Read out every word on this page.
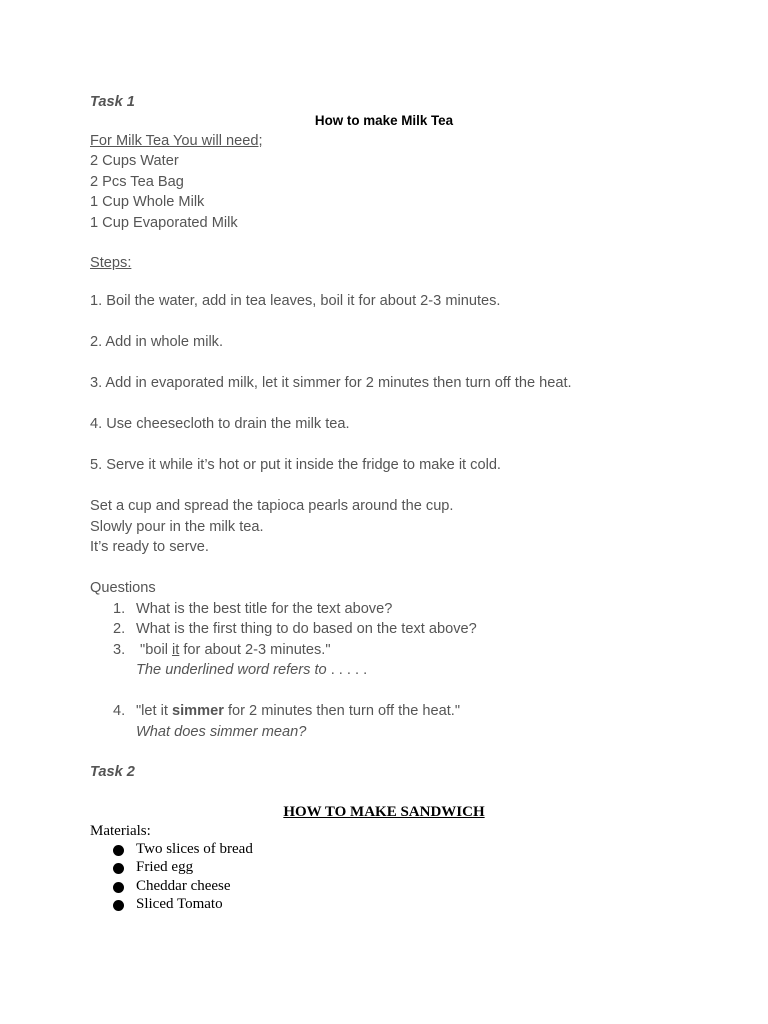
Task 1
How to make Milk Tea
For Milk Tea You will need;
2 Cups Water
2 Pcs Tea Bag
1 Cup Whole Milk
1 Cup Evaporated Milk
Steps:
1. Boil the water, add in tea leaves, boil it for about 2-3 minutes.
2. Add in whole milk.
3. Add in evaporated milk, let it simmer for 2 minutes then turn off the heat.
4. Use cheesecloth to drain the milk tea.
5. Serve it while it’s hot or put it inside the fridge to make it cold.
Set a cup and spread the tapioca pearls around the cup.
Slowly pour in the milk tea.
It’s ready to serve.
Questions
1. What is the best title for the text above?
2. What is the first thing to do based on the text above?
3. "boil it for about 2-3 minutes."
The underlined word refers to . . . . .
4. "let it simmer for 2 minutes then turn off the heat."
What does simmer mean?
Task 2
HOW TO MAKE SANDWICH
Materials:
Two slices of bread
Fried egg
Cheddar cheese
Sliced Tomato
